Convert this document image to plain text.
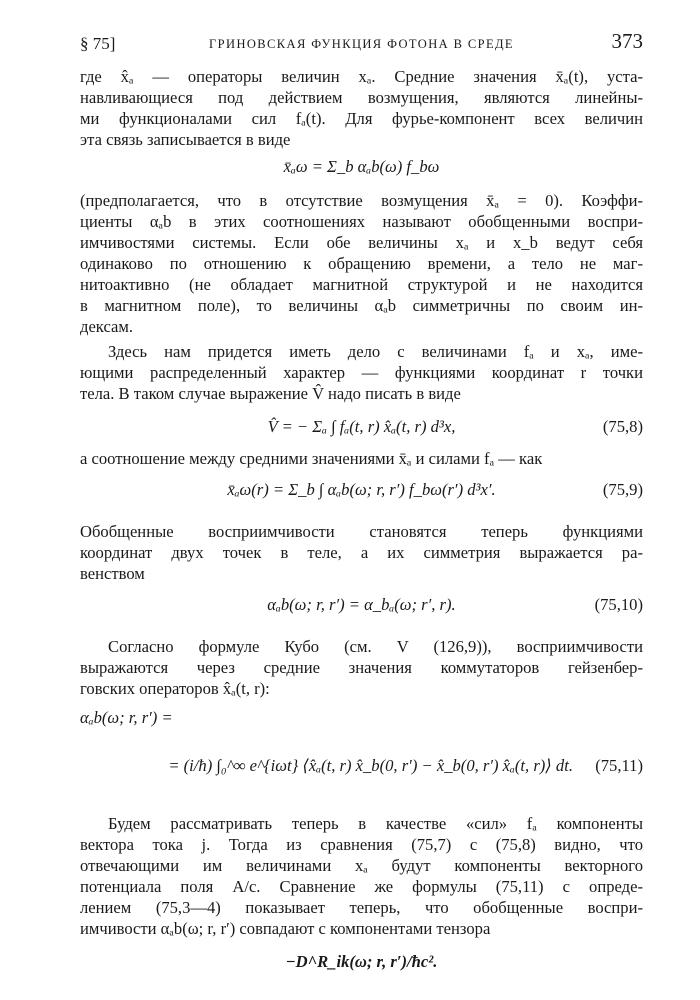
§ 75]	ГРИНОВСКАЯ ФУНКЦИЯ ФОТОНА В СРЕДЕ	373

где x̂ₐ — операторы величин xₐ. Средние значения x̄ₐ(t), уста-
навливающиеся под действием возмущения, являются линейны-
ми функционалами сил fₐ(t). Для фурье-компонент всех величин
эта связь записывается в виде

x̄ₐω = Σ_b αₐb(ω) f_bω

(предполагается, что в отсутствие возмущения x̄ₐ = 0). Коэффи-
циенты αₐb в этих соотношениях называют обобщенными воспри-
имчивостями системы. Если обе величины xₐ и x_b ведут себя
одинаково по отношению к обращению времени, а тело не маг-
нитоактивно (не обладает магнитной структурой и не находится
в магнитном поле), то величины αₐb симметричны по своим ин-
дексам.

Здесь нам придется иметь дело с величинами fₐ и xₐ, име-
ющими распределенный характер — функциями координат r точки
тела. В таком случае выражение V̂ надо писать в виде

V̂ = − Σₐ ∫ fₐ(t, r) x̂ₐ(t, r) d³x,	(75,8)

а соотношение между средними значениями x̄ₐ и силами fₐ — как

x̄ₐω(r) = Σ_b ∫ αₐb(ω; r, r′) f_bω(r′) d³x′.	(75,9)

Обобщенные восприимчивости становятся теперь функциями
координат двух точек в теле, а их симметрия выражается ра-
венством

αₐb(ω; r, r′) = α_bₐ(ω; r′, r).	(75,10)

Согласно формуле Кубо (см. V (126,9)), восприимчивости
выражаются через средние значения коммутаторов гейзенбер-
говских операторов x̂ₐ(t, r):

αₐb(ω; r, r′) =
= (i/ħ) ∫₀^∞ e^{iωt} ⟨x̂ₐ(t, r) x̂_b(0, r′) − x̂_b(0, r′) x̂ₐ(t, r)⟩ dt. (75,11)

Будем рассматривать теперь в качестве «сил» fₐ компоненты
вектора тока j. Тогда из сравнения (75,7) с (75,8) видно, что
отвечающими им величинами xₐ будут компоненты векторного
потенциала поля A/c. Сравнение же формулы (75,11) с опреде-
лением (75,3—4) показывает теперь, что обобщенные воспри-
имчивости αₐb(ω; r, r′) совпадают с компонентами тензора

−D^R_ik(ω; r, r′)/ħc².
